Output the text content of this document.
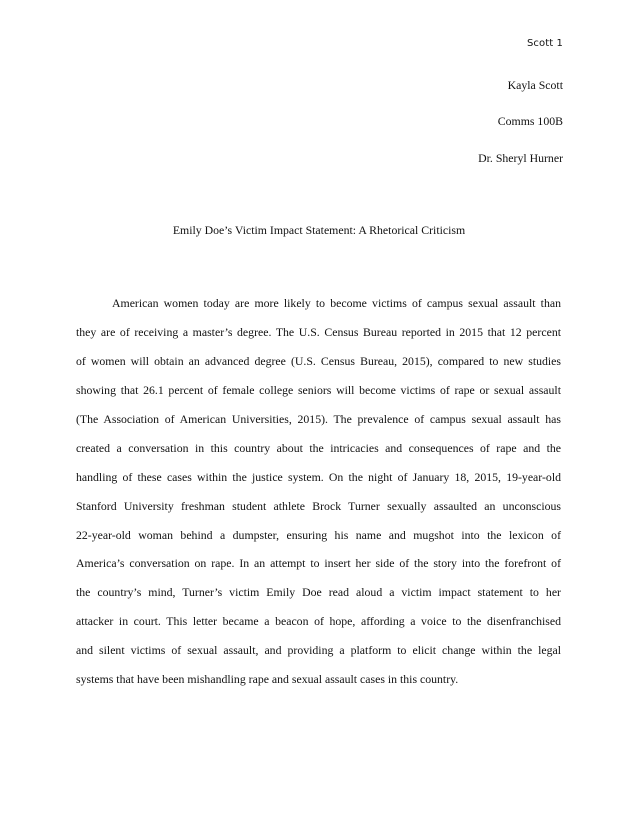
Scott 1
Kayla Scott
Comms 100B
Dr. Sheryl Hurner
Emily Doe’s Victim Impact Statement: A Rhetorical Criticism
American women today are more likely to become victims of campus sexual assault than
they are of receiving a master’s degree. The U.S. Census Bureau reported in 2015 that 12 percent
of women will obtain an advanced degree (U.S. Census Bureau, 2015), compared to new studies
showing that 26.1 percent of female college seniors will become victims of rape or sexual assault
(The Association of American Universities, 2015). The prevalence of campus sexual assault has
created a conversation in this country about the intricacies and consequences of rape and the
handling of these cases within the justice system. On the night of January 18, 2015, 19-year-old
Stanford University freshman student athlete Brock Turner sexually assaulted an unconscious
22-year-old woman behind a dumpster, ensuring his name and mugshot into the lexicon of
America’s conversation on rape. In an attempt to insert her side of the story into the forefront of
the country’s mind, Turner’s victim Emily Doe read aloud a victim impact statement to her
attacker in court. This letter became a beacon of hope, affording a voice to the disenfranchised
and silent victims of sexual assault, and providing a platform to elicit change within the legal
systems that have been mishandling rape and sexual assault cases in this country.
